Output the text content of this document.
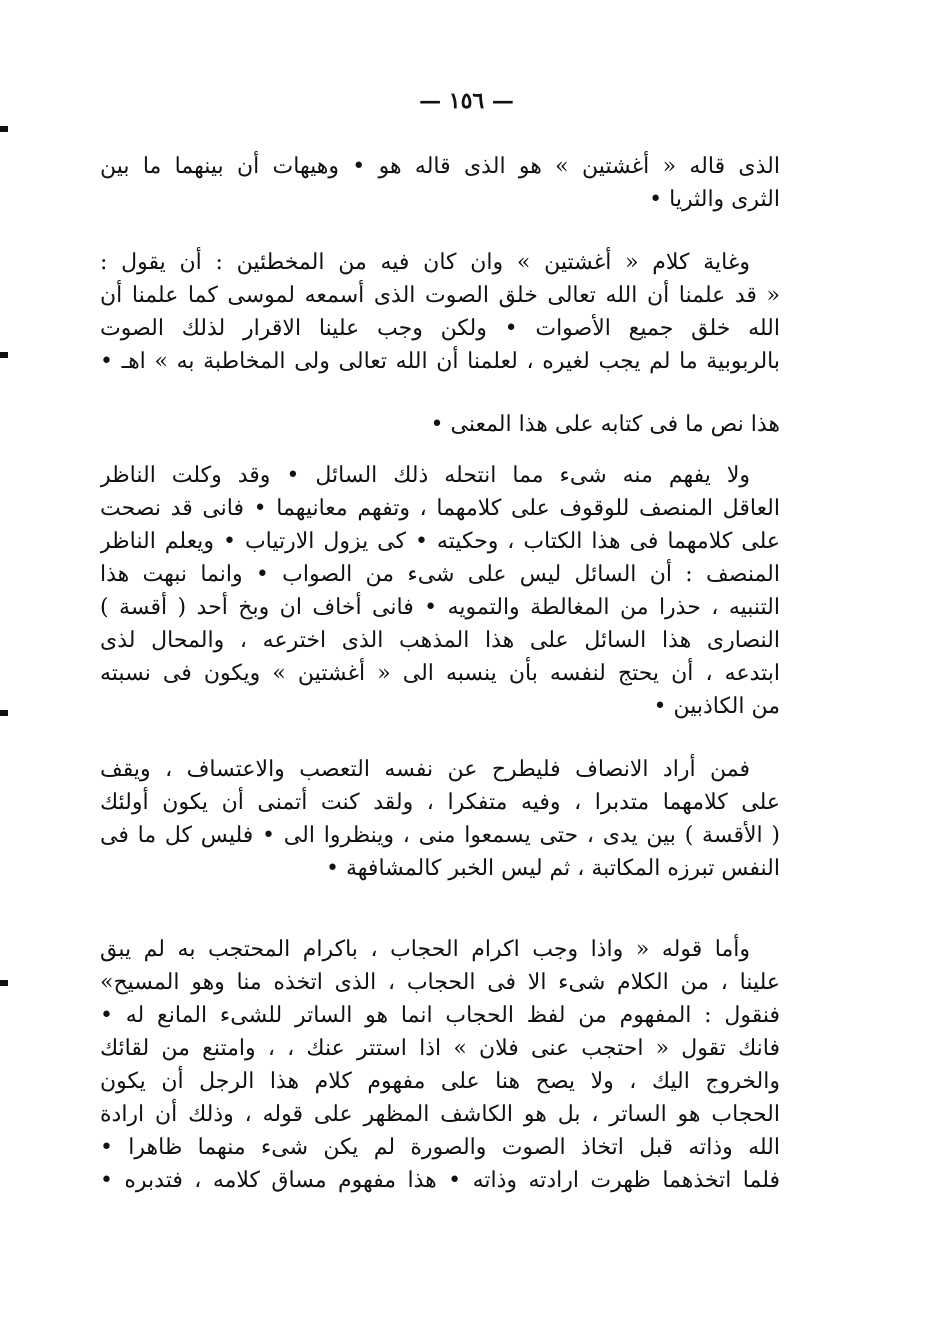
— ١٥٦ —
الذى قاله « أغشتين » هو الذى قاله هو • وهيهات أن بينهما ما بين
الثرى والثريا •
وغاية كلام « أغشتين » وان كان فيه من المخطئين : أن يقول :
« قد علمنا أن الله تعالى خلق الصوت الذى أسمعه لموسى كما علمنا أن
الله خلق جميع الأصوات • ولكن وجب علينا الاقرار لذلك الصوت
بالربوبية ما لم يجب لغيره ، لعلمنا أن الله تعالى ولى المخاطبة به » اهـ •
هذا نص ما فى كتابه على هذا المعنى •
ولا يفهم منه شىء مما انتحله ذلك السائل • وقد وكلت الناظر
العاقل المنصف للوقوف على كلامهما ، وتفهم معانيهما • فانى قد نصحت
على كلامهما فى هذا الكتاب ، وحكيته • كى يزول الارتياب • ويعلم الناظر
المنصف : أن السائل ليس على شىء من الصواب • وانما نبهت هذا
التنبيه ، حذرا من المغالطة والتمويه • فانى أخاف ان وبخ أحد ( أقسة )
النصارى هذا السائل على هذا المذهب الذى اخترعه ، والمحال لذى
ابتدعه ، أن يحتج لنفسه بأن ينسبه الى « أغشتين » ويكون فى نسبته
من الكاذبين •
فمن أراد الانصاف فليطرح عن نفسه التعصب والاعتساف ، ويقف
على كلامهما متدبرا ، وفيه متفكرا ، ولقد كنت أتمنى أن يكون أولئك
( الأقسة ) بين يدى ، حتى يسمعوا منى ، وينظروا الى • فليس كل ما فى
النفس تبرزه المكاتبة ، ثم ليس الخبر كالمشافهة •
وأما قوله « واذا وجب اكرام الحجاب ، باكرام المحتجب به لم يبق
علينا ، من الكلام شىء الا فى الحجاب ، الذى اتخذه منا وهو المسيح»
فنقول : المفهوم من لفظ الحجاب انما هو الساتر للشىء المانع له •
فانك تقول « احتجب عنى فلان » اذا استتر عنك ، ، وامتنع من لقائك
والخروج اليك ، ولا يصح هنا على مفهوم كلام هذا الرجل أن يكون
الحجاب هو الساتر ، بل هو الكاشف المظهر على قوله ، وذلك أن ارادة
الله وذاته قبل اتخاذ الصوت والصورة لم يكن شىء منهما ظاهرا •
فلما اتخذهما ظهرت ارادته وذاته • هذا مفهوم مساق كلامه ، فتدبره •
